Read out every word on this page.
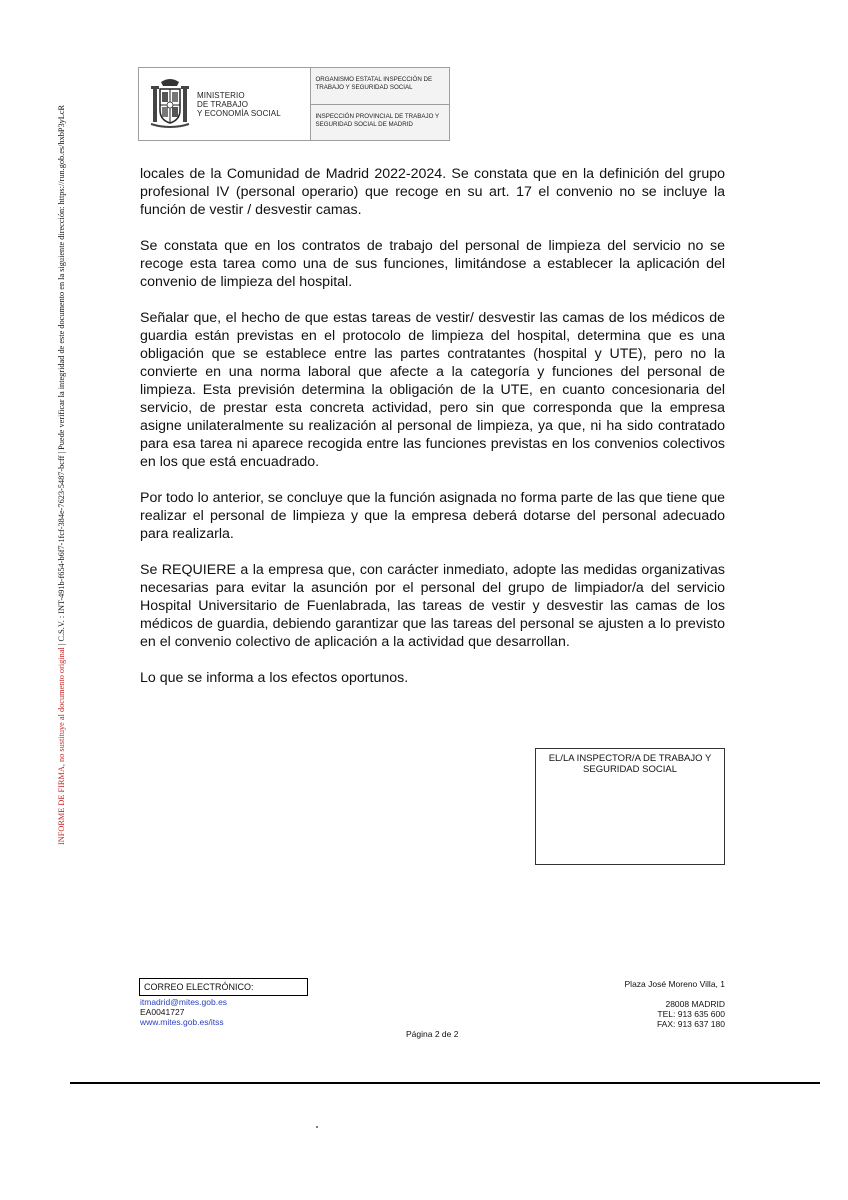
INFORME DE FIRMA, no sustituye al documento original | C.S.V. : INT-491b-f654-b6f7-1fcf-384e-7623-5487-bcff | Puede verificar la integridad de este documento en la siguiente dirección: https://run.gob.es/hxbP3yLcR
MINISTERIO
DE TRABAJO
Y ECONOMÍA SOCIAL
ORGANISMO ESTATAL INSPECCIÓN DE TRABAJO Y SEGURIDAD SOCIAL
INSPECCIÓN PROVINCIAL DE TRABAJO Y SEGURIDAD SOCIAL DE MADRID

locales de la Comunidad de Madrid 2022-2024. Se constata que en la definición del grupo profesional IV (personal operario) que recoge en su art. 17 el convenio no se incluye la función de vestir / desvestir camas.

Se constata que en los contratos de trabajo del personal de limpieza del servicio no se recoge esta tarea como una de sus funciones, limitándose a establecer la aplicación del convenio de limpieza del hospital.

Señalar que, el hecho de que estas tareas de vestir/ desvestir las camas de los médicos de guardia están previstas en el protocolo de limpieza del hospital, determina que es una obligación que se establece entre las partes contratantes (hospital y UTE), pero no la convierte en una norma laboral que afecte a la categoría y funciones del personal de limpieza. Esta previsión determina la obligación de la UTE, en cuanto concesionaria del servicio, de prestar esta concreta actividad, pero sin que corresponda que la empresa asigne unilateralmente su realización al personal de limpieza, ya que, ni ha sido contratado para esa tarea ni aparece recogida entre las funciones previstas en los convenios colectivos en los que está encuadrado.

Por todo lo anterior, se concluye que la función asignada no forma parte de las que tiene que realizar el personal de limpieza y que la empresa deberá dotarse del personal adecuado para realizarla.

Se REQUIERE a la empresa que, con carácter inmediato, adopte las medidas organizativas necesarias para evitar la asunción por el personal del grupo de limpiador/a del servicio Hospital Universitario de Fuenlabrada, las tareas de vestir y desvestir las camas de los médicos de guardia, debiendo garantizar que las tareas del personal se ajusten a lo previsto en el convenio colectivo de aplicación a la actividad que desarrollan.

Lo que se informa a los efectos oportunos.

EL/LA INSPECTOR/A DE TRABAJO Y
SEGURIDAD SOCIAL
CORREO ELECTRÓNICO:
itmadrid@mites.gob.es
EA0041727
www.mites.gob.es/itss
Plaza José Moreno Villa, 1
28008 MADRID
TEL: 913 635 600
FAX: 913 637 180
Página 2 de 2
